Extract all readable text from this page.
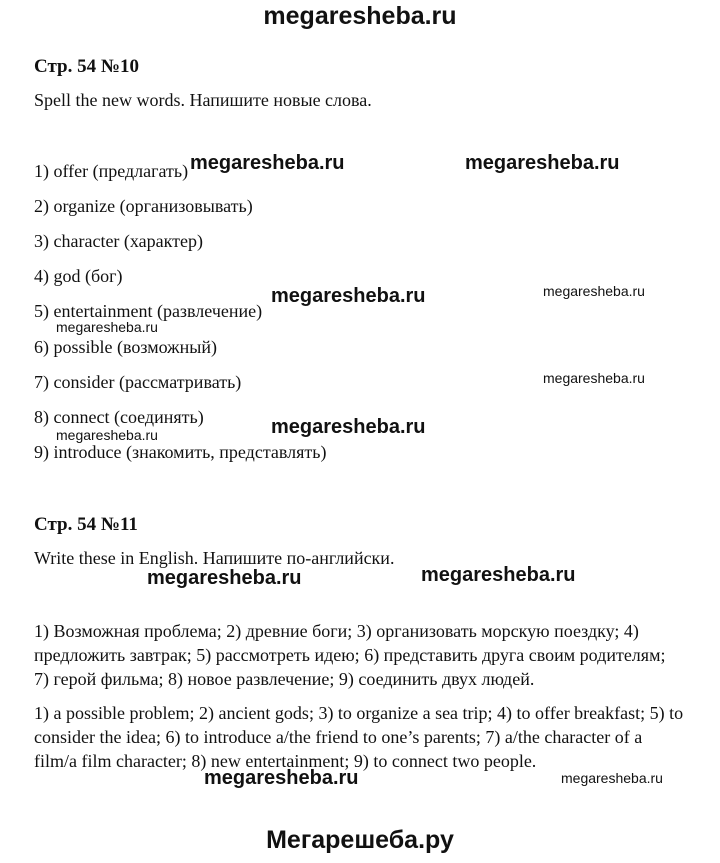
megaresheba.ru
Стр. 54 №10
Spell the new words. Напишите новые слова.
1) offer (предлагать)
2) organize (организовывать)
3) character (характер)
4) god (бог)
5) entertainment (развлечение)
6) possible (возможный)
7) consider (рассматривать)
8) connect (соединять)
9) introduce (знакомить, представлять)
Стр. 54 №11
Write these in English. Напишите по-английски.
1) Возможная проблема; 2) древние боги; 3) организовать морскую поездку; 4) предложить завтрак; 5) рассмотреть идею; 6) представить друга своим родителям; 7) герой фильма; 8) новое развлечение; 9) соединить двух людей.
1) a possible problem; 2) ancient gods; 3) to organize a sea trip; 4) to offer breakfast; 5) to consider the idea; 6) to introduce a/the friend to one’s parents; 7) a/the character of a film/a film character; 8) new entertainment; 9) to connect two people.
megaresheba.ru	megaresheba.ru
megaresheba.ru	megaresheba.ru
megaresheba.ru
megaresheba.ru
megaresheba.ru
megaresheba.ru
megaresheba.ru	megaresheba.ru
megaresheba.ru	megaresheba.ru
Мегарешеба.ру
